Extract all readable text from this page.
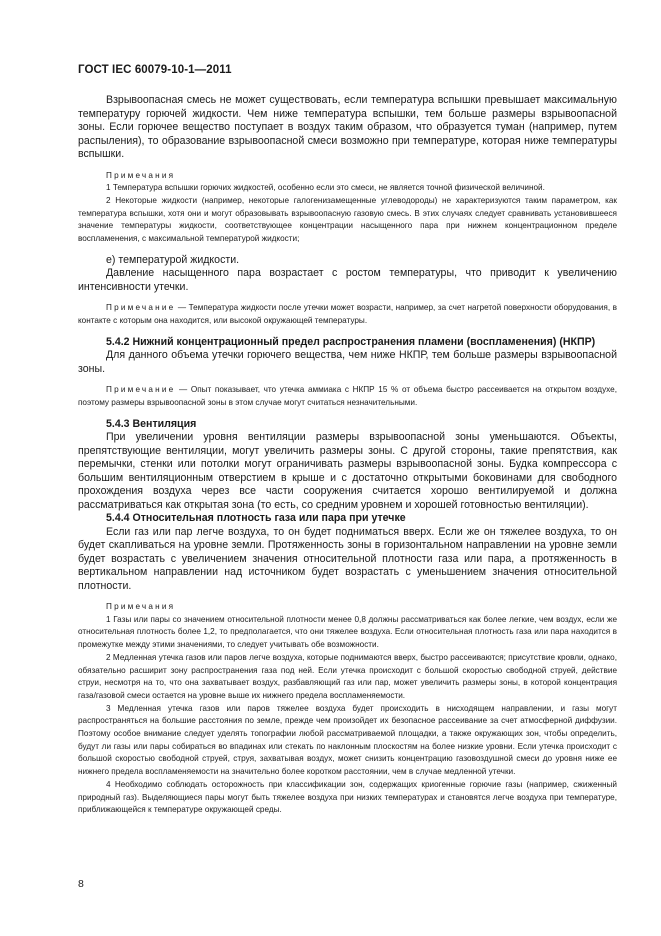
ГОСТ IEC 60079-10-1—2011

Взрывоопасная смесь не может существовать, если температура вспышки превышает максимальную температуру горючей жидкости. Чем ниже температура вспышки, тем больше размеры взрывоопасной зоны. Если горючее вещество поступает в воздух таким образом, что образуется туман (например, путем распыления), то образование взрывоопасной смеси возможно при температуре, которая ниже температуры вспышки.

Примечания

1 Температура вспышки горючих жидкостей, особенно если это смеси, не является точной физической величиной.

2 Некоторые жидкости (например, некоторые галогенизамещенные углеводороды) не характеризуются таким параметром, как температура вспышки, хотя они и могут образовывать взрывоопасную газовую смесь. В этих случаях следует сравнивать установившееся значение температуры жидкости, соответствующее концентрации насыщенного пара при нижнем концентрационном пределе воспламенения, с максимальной температурой жидкости;

е) температурой жидкости.

Давление насыщенного пара возрастает с ростом температуры, что приводит к увеличению интенсивности утечки.

Примечание — Температура жидкости после утечки может возрасти, например, за счет нагретой поверхности оборудования, в контакте с которым она находится, или высокой окружающей температуры.

5.4.2 Нижний концентрационный предел распространения пламени (воспламенения) (НКПР)

Для данного объема утечки горючего вещества, чем ниже НКПР, тем больше размеры взрывоопасной зоны.

Примечание — Опыт показывает, что утечка аммиака с НКПР 15 % от объема быстро рассеивается на открытом воздухе, поэтому размеры взрывоопасной зоны в этом случае могут считаться незначительными.

5.4.3 Вентиляция

При увеличении уровня вентиляции размеры взрывоопасной зоны уменьшаются. Объекты, препятствующие вентиляции, могут увеличить размеры зоны. С другой стороны, такие препятствия, как перемычки, стенки или потолки могут ограничивать размеры взрывоопасной зоны. Будка компрессора с большим вентиляционным отверстием в крыше и с достаточно открытыми боковинами для свободного прохождения воздуха через все части сооружения считается хорошо вентилируемой и должна рассматриваться как открытая зона (то есть, со средним уровнем и хорошей готовностью вентиляции).

5.4.4 Относительная плотность газа или пара при утечке

Если газ или пар легче воздуха, то он будет подниматься вверх. Если же он тяжелее воздуха, то он будет скапливаться на уровне земли. Протяженность зоны в горизонтальном направлении на уровне земли будет возрастать с увеличением значения относительной плотности газа или пара, а протяженность в вертикальном направлении над источником будет возрастать с уменьшением значения относительной плотности.

Примечания

1 Газы или пары со значением относительной плотности менее 0,8 должны рассматриваться как более легкие, чем воздух, если же относительная плотность более 1,2, то предполагается, что они тяжелее воздуха. Если относительная плотность газа или пара находится в промежутке между этими значениями, то следует учитывать обе возможности.

2 Медленная утечка газов или паров легче воздуха, которые поднимаются вверх, быстро рассеиваются; присутствие кровли, однако, обязательно расширит зону распространения газа под ней. Если утечка происходит с большой скоростью свободной струей, действие струи, несмотря на то, что она захватывает воздух, разбавляющий газ или пар, может увеличить размеры зоны, в которой концентрация газа/газовой смеси остается на уровне выше их нижнего предела воспламеняемости.

3 Медленная утечка газов или паров тяжелее воздуха будет происходить в нисходящем направлении, и газы могут распространяться на большие расстояния по земле, прежде чем произойдет их безопасное рассеивание за счет атмосферной диффузии. Поэтому особое внимание следует уделять топографии любой рассматриваемой площадки, а также окружающих зон, чтобы определить, будут ли газы или пары собираться во впадинах или стекать по наклонным плоскостям на более низкие уровни. Если утечка происходит с большой скоростью свободной струей, струя, захватывая воздух, может снизить концентрацию газовоздушной смеси до уровня ниже ее нижнего предела воспламеняемости на значительно более коротком расстоянии, чем в случае медленной утечки.

4 Необходимо соблюдать осторожность при классификации зон, содержащих криогенные горючие газы (например, сжиженный природный газ). Выделяющиеся пары могут быть тяжелее воздуха при низких температурах и становятся легче воздуха при температуре, приближающейся к температуре окружающей среды.

8
